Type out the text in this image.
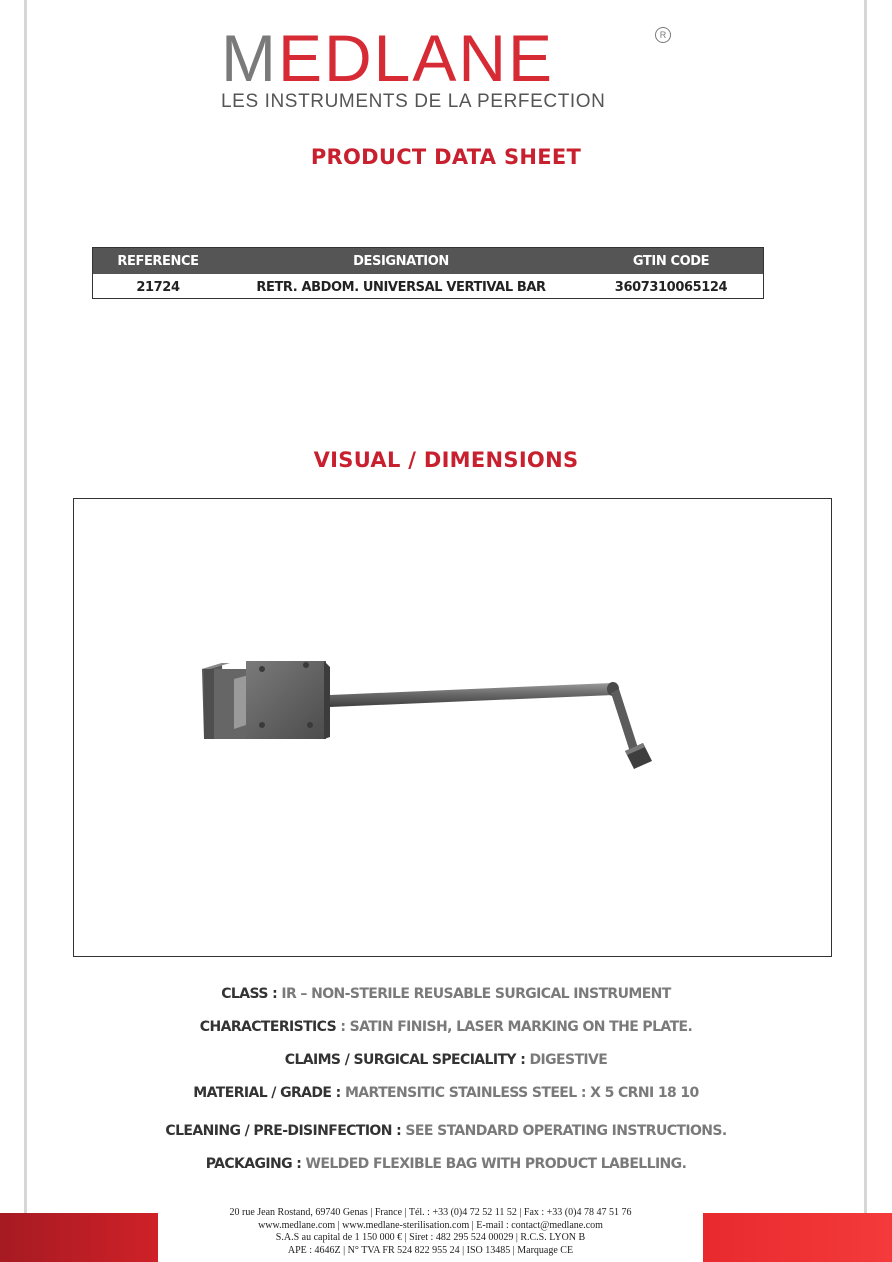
MEDLANE	R
LES INSTRUMENTS DE LA PERFECTION
PRODUCT DATA SHEET
REFERENCE	DESIGNATION	GTIN CODE
21724	RETR. ABDOM. UNIVERSAL VERTIVAL BAR	3607310065124
VISUAL / DIMENSIONS
CLASS : IR – NON-STERILE REUSABLE SURGICAL INSTRUMENT
CHARACTERISTICS : SATIN FINISH, LASER MARKING ON THE PLATE.
CLAIMS / SURGICAL SPECIALITY : DIGESTIVE
MATERIAL / GRADE : MARTENSITIC STAINLESS STEEL : X 5 CRNI 18 10
CLEANING / PRE-DISINFECTION : SEE STANDARD OPERATING INSTRUCTIONS.
PACKAGING : WELDED FLEXIBLE BAG WITH PRODUCT LABELLING.
20 rue Jean Rostand, 69740 Genas | France | Tél. : +33 (0)4 72 52 11 52 | Fax : +33 (0)4 78 47 51 76
www.medlane.com | www.medlane-sterilisation.com | E-mail : contact@medlane.com
S.A.S au capital de 1 150 000 € | Siret : 482 295 524 00029 | R.C.S. LYON B
APE : 4646Z | N° TVA FR 524 822 955 24 | ISO 13485 | Marquage CE
